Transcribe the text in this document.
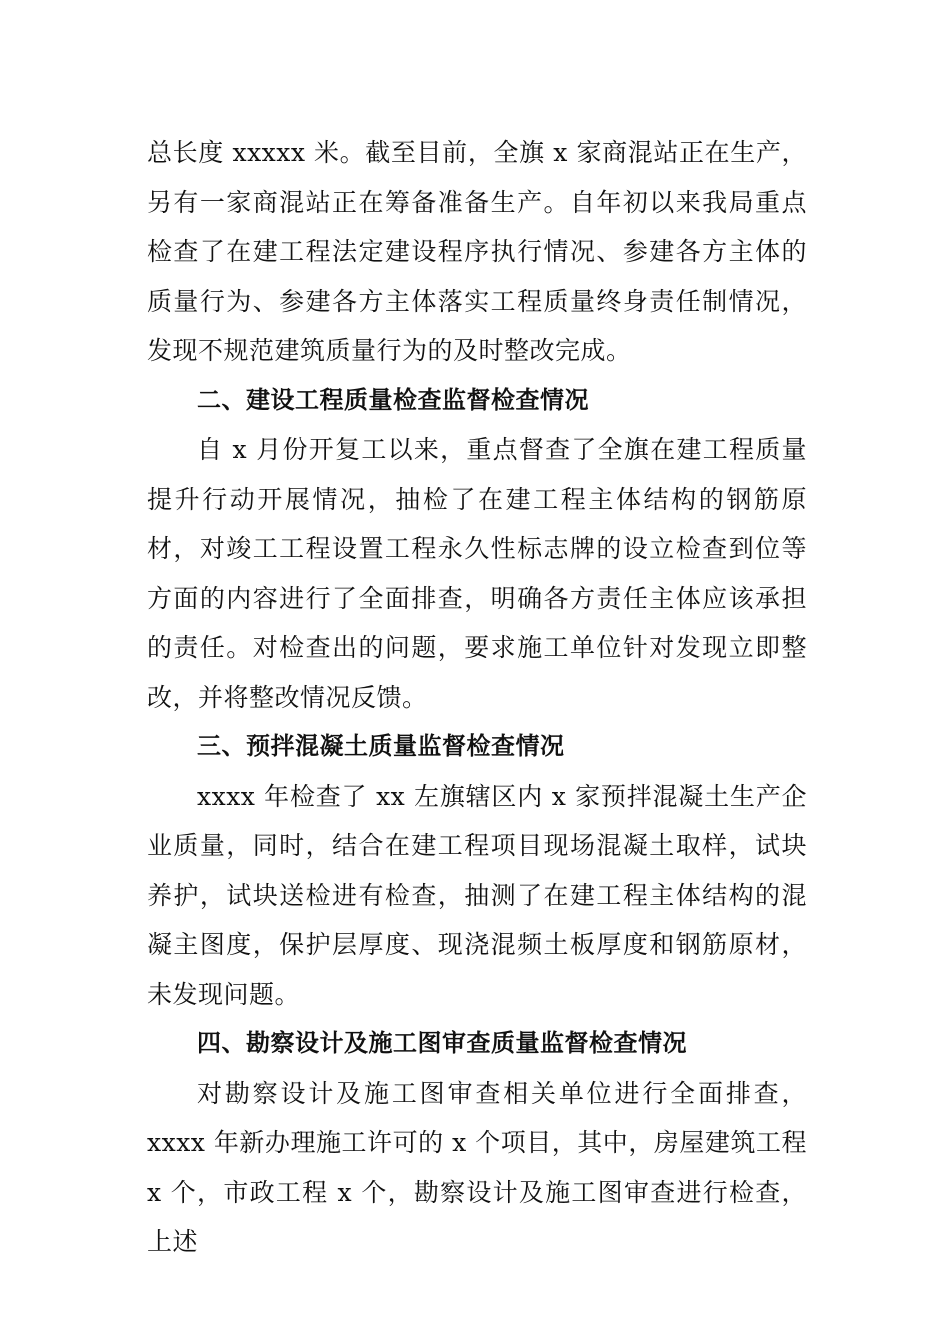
总长度 xxxxx 米。截至目前，全旗 x 家商混站正在生产，另有一家商混站正在筹备准备生产。自年初以来我局重点检查了在建工程法定建设程序执行情况、参建各方主体的质量行为、参建各方主体落实工程质量终身责任制情况，发现不规范建筑质量行为的及时整改完成。

二、建设工程质量检查监督检查情况

自 x 月份开复工以来，重点督查了全旗在建工程质量提升行动开展情况，抽检了在建工程主体结构的钢筋原材，对竣工工程设置工程永久性标志牌的设立检查到位等方面的内容进行了全面排查，明确各方责任主体应该承担的责任。对检查出的问题，要求施工单位针对发现立即整改，并将整改情况反馈。

三、预拌混凝土质量监督检查情况

xxxx 年检查了 xx 左旗辖区内 x 家预拌混凝土生产企业质量，同时，结合在建工程项目现场混凝土取样，试块养护，试块送检进有检查，抽测了在建工程主体结构的混凝主图度，保护层厚度、现浇混频土板厚度和钢筋原材，未发现问题。

四、勘察设计及施工图审查质量监督检查情况

对勘察设计及施工图审查相关单位进行全面排查，xxxx 年新办理施工许可的 x 个项目，其中，房屋建筑工程 x 个，市政工程 x 个，勘察设计及施工图审查进行检查，上述
